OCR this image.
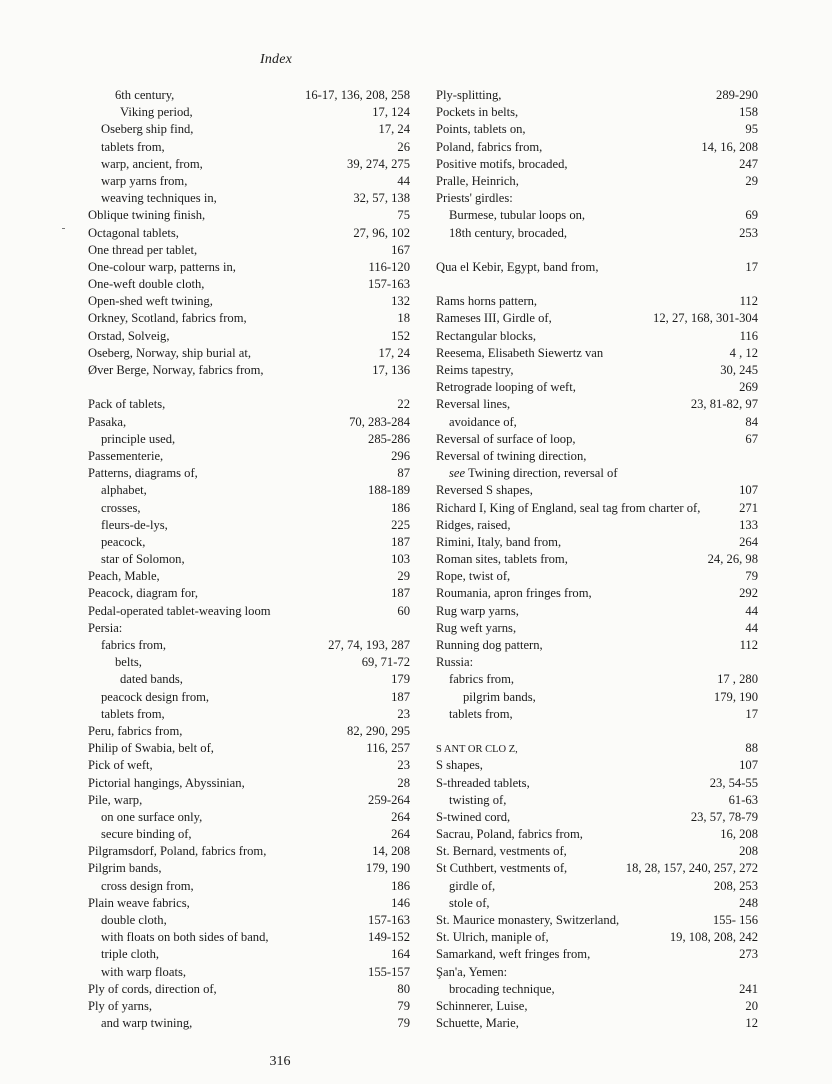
Index
6th century,	16-17, 136, 208, 258
Viking period,	17, 124
Oseberg ship find,	17, 24
tablets from,	26
warp, ancient, from,	39, 274, 275
warp yarns from,	44
weaving techniques in,	32, 57, 138
Oblique twining finish,	75
Octagonal tablets,	27, 96, 102
One thread per tablet,	167
One-colour warp, patterns in,	116-120
One-weft double cloth,	157-163
Open-shed weft twining,	132
Orkney, Scotland, fabrics from,	18
Orstad, Solveig,	152
Oseberg, Norway, ship burial at,	17, 24
Øver Berge, Norway, fabrics from,	17, 136
Pack of tablets,	22
Pasaka,	70, 283-284
principle used,	285-286
Passementerie,	296
Patterns, diagrams of,	87
alphabet,	188-189
crosses,	186
fleurs-de-lys,	225
peacock,	187
star of Solomon,	103
Peach, Mable,	29
Peacock, diagram for,	187
Pedal-operated tablet-weaving loom	60
Persia:
fabrics from,	27, 74, 193, 287
belts,	69, 71-72
dated bands,	179
peacock design from,	187
tablets from,	23
Peru, fabrics from,	82, 290, 295
Philip of Swabia, belt of,	116, 257
Pick of weft,	23
Pictorial hangings, Abyssinian,	28
Pile, warp,	259-264
on one surface only,	264
secure binding of,	264
Pilgramsdorf, Poland, fabrics from,	14, 208
Pilgrim bands,	179, 190
cross design from,	186
Plain weave fabrics,	146
double cloth,	157-163
with floats on both sides of band,	149-152
triple cloth,	164
with warp floats,	155-157
Ply of cords, direction of,	80
Ply of yarns,	79
and warp twining,	79
Ply-splitting,	289-290
Pockets in belts,	158
Points, tablets on,	95
Poland, fabrics from,	14, 16, 208
Positive motifs, brocaded,	247
Pralle, Heinrich,	29
Priests' girdles:
Burmese, tubular loops on,	69
18th century, brocaded,	253
Qua el Kebir, Egypt, band from,	17
Rams horns pattern,	112
Rameses III, Girdle of,	12, 27, 168, 301-304
Rectangular blocks,	116
Reesema, Elisabeth Siewertz van	4 , 12
Reims tapestry,	30, 245
Retrograde looping of weft,	269
Reversal lines,	23, 81-82, 97
avoidance of,	84
Reversal of surface of loop,	67
Reversal of twining direction,
see Twining direction, reversal of
Reversed S shapes,	107
Richard I, King of England, seal tag from charter of,	271
Ridges, raised,	133
Rimini, Italy, band from,	264
Roman sites, tablets from,	24, 26, 98
Rope, twist of,	79
Roumania, apron fringes from,	292
Rug warp yarns,	44
Rug weft yarns,	44
Running dog pattern,	112
Russia:
fabrics from,	17 , 280
pilgrim bands,	179, 190
tablets from,	17
S ANT OR CLO Z,	88
S shapes,	107
S-threaded tablets,	23, 54-55
twisting of,	61-63
S-twined cord,	23, 57, 78-79
Sacrau, Poland, fabrics from,	16, 208
St. Bernard, vestments of,	208
St Cuthbert, vestments of,	18, 28, 157, 240, 257, 272
girdle of,	208, 253
stole of,	248
St. Maurice monastery, Switzerland,	155- 156
St. Ulrich, maniple of,	19, 108, 208, 242
Samarkand, weft fringes from,	273
Şan'a, Yemen:
brocading technique,	241
Schinnerer, Luise,	20
Schuette, Marie,	12
316
